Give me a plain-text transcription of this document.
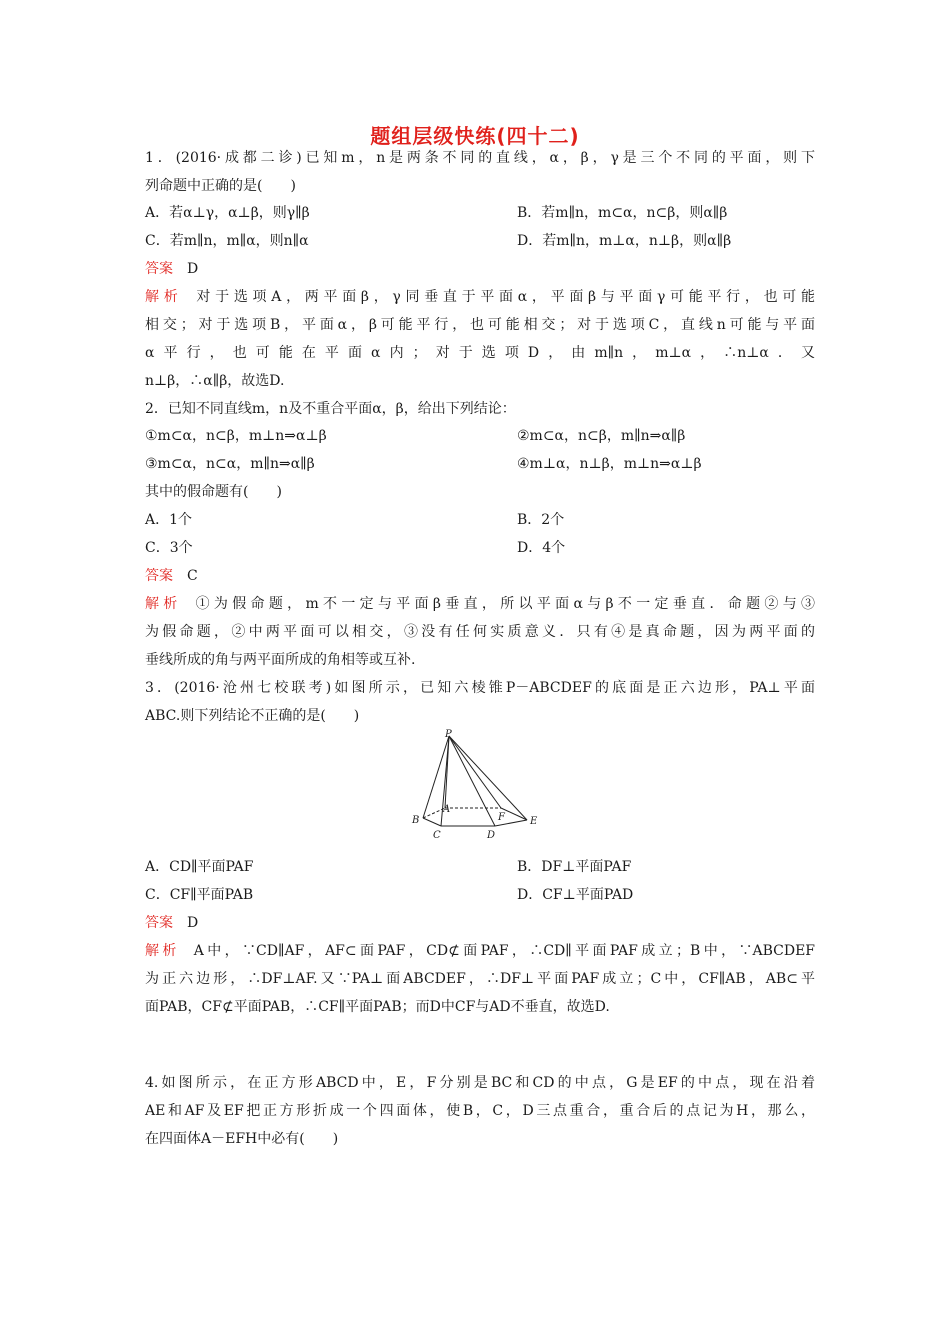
题组层级快练(四十二)
1．(2016·成都二诊)已知m，n是两条不同的直线，α，β，γ是三个不同的平面，则下
列命题中正确的是(　　)
A．若α⊥γ，α⊥β，则γ∥β	B．若m∥n，m⊂α，n⊂β，则α∥β
C．若m∥n，m∥α，则n∥α	D．若m∥n，m⊥α，n⊥β，则α∥β
答案 D
解析 对于选项A，两平面β，γ同垂直于平面α，平面β与平面γ可能平行，也可能
相交；对于选项B，平面α，β可能平行，也可能相交；对于选项C，直线n可能与平面
α平行，也可能在平面α内；对于选项D，由m∥n，m⊥α，∴n⊥α．又
n⊥β，∴α∥β，故选D.
2．已知不同直线m，n及不重合平面α，β，给出下列结论：
①m⊂α，n⊂β，m⊥n⇒α⊥β	②m⊂α，n⊂β，m∥n⇒α∥β
③m⊂α，n⊂α，m∥n⇒α∥β	④m⊥α，n⊥β，m⊥n⇒α⊥β
其中的假命题有(　　)
A．1个	B．2个
C．3个	D．4个
答案 C
解析 ①为假命题，m不一定与平面β垂直，所以平面α与β不一定垂直．命题②与③
为假命题，②中两平面可以相交，③没有任何实质意义．只有④是真命题，因为两平面的
垂线所成的角与两平面所成的角相等或互补.
3．(2016·沧州七校联考)如图所示，已知六棱锥P－ABCDEF的底面是正六边形，PA⊥平面
ABC.则下列结论不正确的是(　　)
P
A
B
C	D
E
F
A．CD∥平面PAF	B．DF⊥平面PAF
C．CF∥平面PAB	D．CF⊥平面PAD
答案 D
解析 A中，∵CD∥AF，AF⊂面PAF，CD⊄面PAF，∴CD∥平面PAF成立；B中，∵ABCDEF
为正六边形，∴DF⊥AF.又∵PA⊥面ABCDEF，∴DF⊥平面PAF成立；C中，CF∥AB，AB⊂平
面PAB，CF⊄平面PAB，∴CF∥平面PAB；而D中CF与AD不垂直，故选D.
4.如图所示，在正方形ABCD中，E，F分别是BC和CD的中点，G是EF的中点，现在沿着
AE和AF及EF把正方形折成一个四面体，使B，C，D三点重合，重合后的点记为H，那么，
在四面体A－EFH中必有(　　)
